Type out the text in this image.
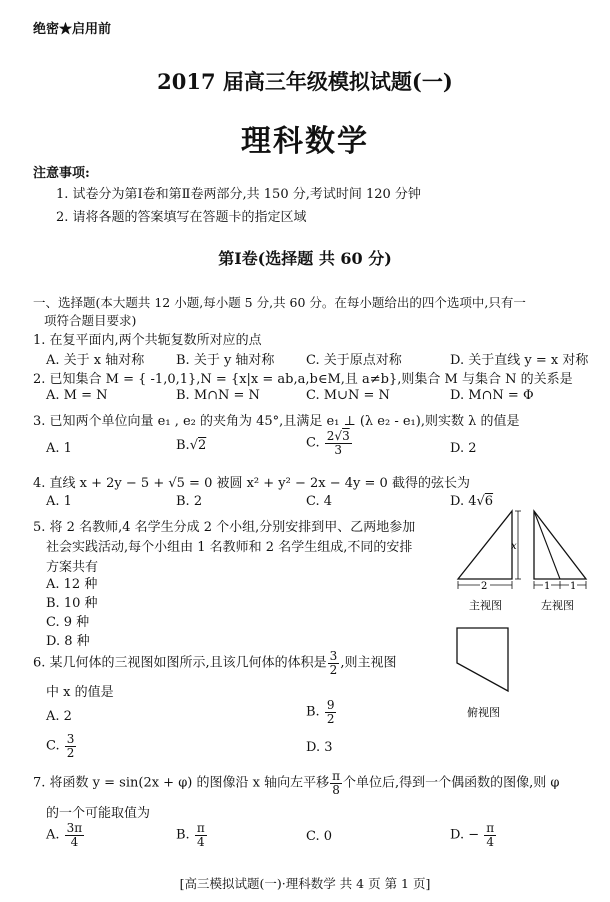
绝密★启用前
2017 届高三年级模拟试题(一)
理科数学
注意事项:
1. 试卷分为第Ⅰ卷和第Ⅱ卷两部分,共 150 分,考试时间 120 分钟
2. 请将各题的答案填写在答题卡的指定区域
第Ⅰ卷(选择题 共 60 分)
一、选择题(本大题共 12 小题,每小题 5 分,共 60 分。在每小题给出的四个选项中,只有一
项符合题目要求)
1. 在复平面内,两个共轭复数所对应的点
A. 关于 x 轴对称 B. 关于 y 轴对称 C. 关于原点对称	D. 关于直线 y = x 对称
2. 已知集合 M = { -1,0,1},N = {x|x = ab,a,b∈M,且 a≠b},则集合 M 与集合 N 的关系是
A. M = N	B. M∩N = N	C. M∪N = N	D. M∩N = Φ
3. 已知两个单位向量 e₁ , e₂ 的夹角为 45°,且满足 e₁ ⊥ (λ e₂ - e₁),则实数 λ 的值是
A. 1	B.√2	C. $\frac{2√3}{3}$	D. 2
4. 直线 x + 2y − 5 + √5 = 0 被圆 x² + y² − 2x − 4y = 0 截得的弦长为
A. 1	B. 2	C. 4	D. 4√6
5. 将 2 名教师,4 名学生分成 2 个小组,分别安排到甲、乙两地参加
社会实践活动,每个小组由 1 名教师和 2 名学生组成,不同的安排
方案共有
A. 12 种
B. 10 种
C. 9 种
D. 8 种
x
2
主视图
1 1
左视图
俯视图
6. 某几何体的三视图如图所示,且该几何体的体积是 $\frac{3}{2}$ ,则主视图
中 x 的值是
A. 2	B. $\frac{9}{2}$
C. $\frac{3}{2}$	D. 3
7. 将函数 y = sin(2x + φ) 的图像沿 x 轴向左平移 $\frac{\pi}{8}$ 个单位后,得到一个偶函数的图像,则 φ
的一个可能取值为
A. $\frac{3\pi}{4}$	B. $\frac{\pi}{4}$	C. 0	D. − $\frac{\pi}{4}$
[高三模拟试题(一)·理科数学 共 4 页 第 1 页]
